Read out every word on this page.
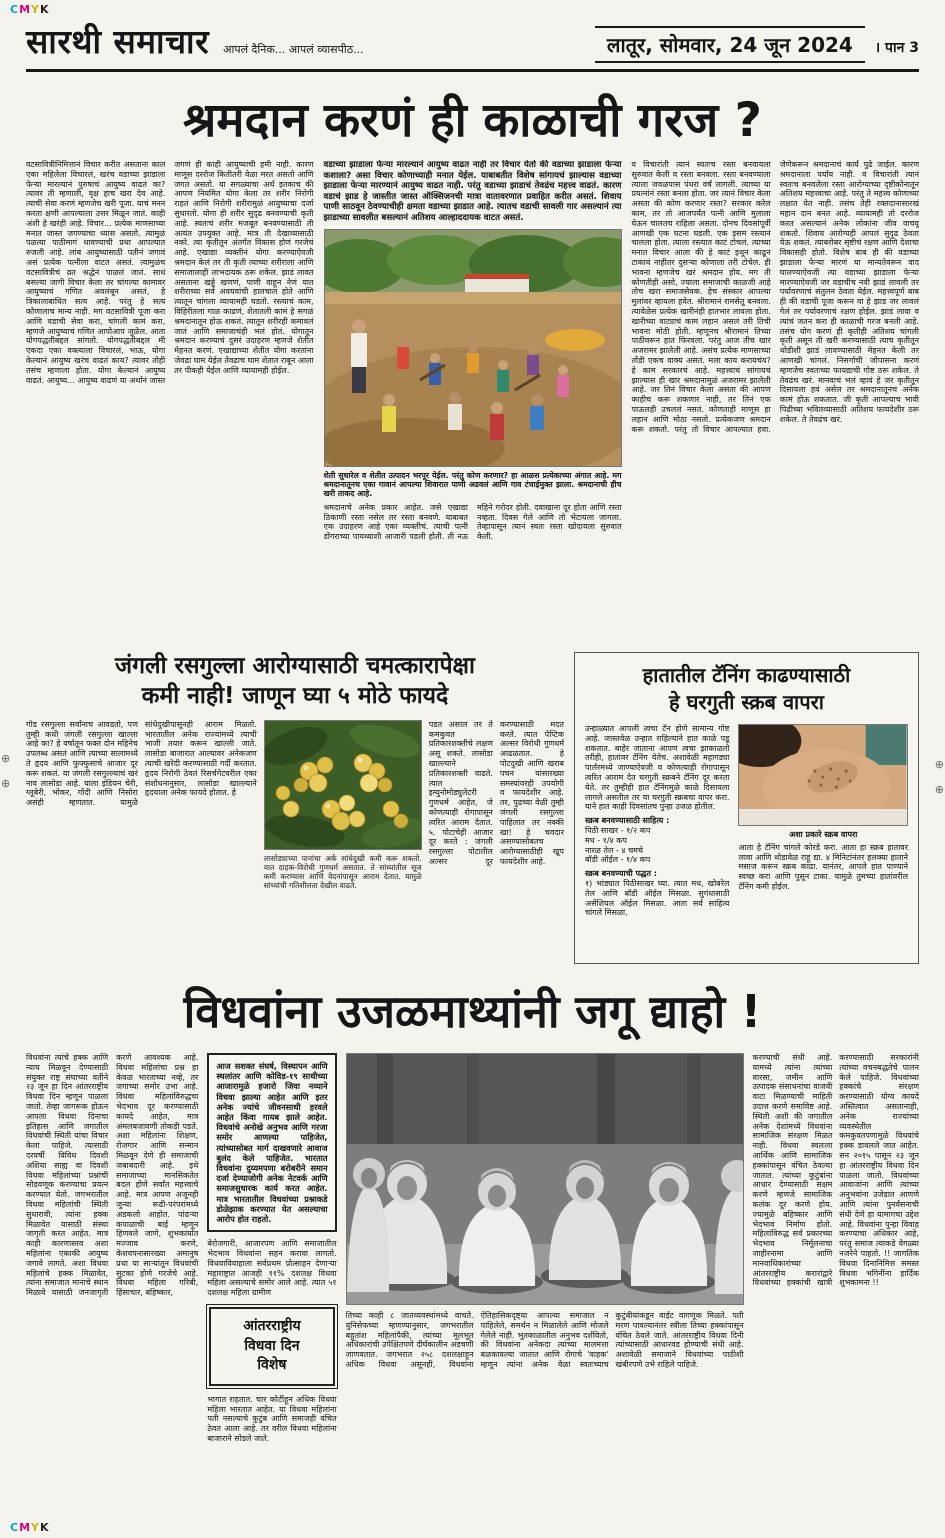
CMYK
⊕
⊕
⊕
⊕
सारथी समाचार आपलं दैनिक... आपलं व्यासपीठ...	लातूर, सोमवार, 24 जून 2024	। पान 3
श्रमदान करणं ही काळाची गरज ?
वटसावित्रीनिमित्तानं विचार करीत असताना काल एका महिलेला विचारलं, खरंच वडाच्या झाडाला फेऱ्या मारल्यानं पुरुषाचं आयुष्य वाढतं का? त्यावर ती म्हणाली, वृक्ष हाच खरा देव आहे. त्याची सेवा करणं म्हणजेच खरी पूजा. याचं मनन करता क्षणी आपल्याला उत्तर मिळून जातं. काही अंशी हे खरंही आहे. विचार... प्रत्येक माणसाच्या मनात जास्त जगण्याचा ध्यास असतो. त्यामुळं पळत्या पाठीमागं धावण्याची प्रथा आपल्यात रुजली आहे. लांब आयुष्यासाठी पतीनं जगावं असं प्रत्येक पत्नीला वाटत असतं. त्यामुळंच वटसावित्रीचं व्रत श्रद्धेनं पाळलं जातं. साधं बसल्या जागी विचार केला तर चांगल्या कामावर आयुष्याचं गणित अवलंबून असतं, हे त्रिकालाबाधित सत्य आहे. परंतु हे सत्य कोणालाच मान्य नाही. मग वटसावित्री पूजा करा आणि वडाची सेवा करा, चांगली कामं करा, म्हणजे आयुष्याचं गणित आपोआप जुळेल. आता योगपद्धतीबद्दल सांगतो. योगपद्धतीबद्दल मी एकदा एका वक्त्याला विचारलं, भाऊ, योगा केल्यानं आयुष्य खरंच वाढतं काय? त्यावर तोही तसंच म्हणाला होता. योगा केल्यानं आयुष्य वाढतं. आयुष्य... आयुष्य वाढणं या अर्थानं जास्त जगणं ही काही आयुष्याची हमी नाही. कारण माणूस दररोज कितीतरी वेळा मरत असतो आणि जगत असतो. या सगळ्याचा अर्थ इतकाच की आपण नियमित योगा केला तर शरीर निरोगी राहतं आणि निरोगी शरीरामुळं आयुष्याचा दर्जा सुधारतो. योगा ही शरीर सुदृढ बनवण्याची कृती आहे. स्वतःचं शरीर मजबूत बनवण्यासाठी ती अत्यंत उपयुक्त आहे. मात्र ती देखाव्यासाठी नको. त्या कृतीतून अंतर्गत विकास होणं गरजेचं आहे. एखाद्या व्यक्तीनं योगा करण्याऐवजी श्रमदान केलं तर ती कृती त्याच्या शरीराला आणि समाजालाही लाभदायक ठरू शकेल. झाडं लावत असताना खड्डे खणणं, पाणी वाहून नेणं यात शरीराच्या सर्व अवयवांची हालचाल होते आणि त्यातून चांगला व्यायामही घडतो. रस्त्याचं काम, विहिरीतला गाळ काढणं, शेतातली कामं हे सगळं श्रमदानातून होऊ शकतं. त्यातून शरीरही कमावलं जातं आणि समाजाचंही भलं होतं. योगातून श्रमदान करण्याचं दुसरं उदाहरण म्हणजे शेतीत मेहनत करणं. एखाद्याच्या शेतीत योगा करतांना जेवढा घाम येईल तेवढाच घाम शेतात राबून आला तर पीकही येईल आणि व्यायामही होईल.

वडाच्या झाडाला फेऱ्या मारल्यानं आयुष्य वाढत नाही तर विचार येतो की वडाच्या झाडाला फेऱ्या कशाला? असा विचार कोणाच्याही मनात येईल. याबाबतीत विशेष सांगायचं झाल्यास वडाच्या झाडाला फेऱ्या मारण्यानं आयुष्य वाढत नाही. परंतु वडाच्या झाडाचं तेवढंच महत्त्व वाढतं. कारण वडाचं झाड हे जास्तीत जास्त ऑक्सिजनची मात्रा वातावरणात प्रवाहित करीत असतं. शिवाय पाणी साठवून ठेवण्याचीही क्षमता वडाच्या झाडात आहे. त्यातच वडाची सावली गार असल्यानं त्या झाडाच्या सावलीत बसल्यानं अतिशय आल्हाददायक वाटत असतं.

शेती सुधारेल व शेतीत उत्पादन भरपूर येईल. परंतु कोण करणार? हा आळस प्रत्येकाच्या अंगात आहे. मग श्रमदानातूनच एका गावानं आपल्या शिवारात पाणी अडवलं आणि गाव टंचाईमुक्त झाला. श्रमदानाची हीच खरी ताकद आहे.
श्रमदानाचे अनेक प्रकार आहेत. जसे एखाद्या ठिकाणी रस्ता नसेल तर रस्ता बनवणे. याबाबत एक उदाहरण आहे एका व्यक्तीचं. त्याची पत्नी डोंगराच्या पायथ्याशी आजारी पडली होती. ती नऊ महिने गरोदर होती. दवाखाना दूर होता आणि रस्ता नव्हता. दिवस गेले आणि तो भेटायला जागला. तेव्हापासून त्यानं स्वतः रस्ता खोदायला सुरुवात केली.
व विचारांती त्यानं स्वतःच रस्ता बनवायला सुरुवात केली व रस्ता बनवला. रस्ता बनवण्याला त्याला जवळपास पंधरा वर्षं लागली. त्याच्या या प्रयत्नांनं रस्ता बनला होता. जर त्यानं विचार केला असता की कोण करणार रस्ता? सरकार करेल काम, तर तो आजपर्यंत पत्नी आणि मुलाला घेऊन चालतच राहिला असता. दोनच दिवसांपूर्वी आणखी एक घटना घडली. एक इसम रस्त्यानं चालला होता. त्याला रस्त्यात काटं टोचलं. त्याच्या मनात विचार आला की हे काटं इथून काढून टाकावं नाहीतर दुसऱ्या कोणाला तरी टोचेल. ही भावना म्हणजेच खरं श्रमदान होय. मग ती कोणतीही असो, ज्याला समाजाची काळजी आहे तोच खरा समाजसेवक. हेच संस्कार आपल्या मुलांवर व्हायला हवेत. श्रीरामानं रामसेतू बनवला. त्यावेळेस प्रत्येक खारीनंही हातभार लावला होता. खारीच्या वाट्याचं काम लहान असलं तरी तिची भावना मोठी होती. म्हणूनच श्रीरामानं तिच्या पाठीवरून हात फिरवला. परंतु आज तीच खार अजरामर झालेली आहे. असंच प्रत्येक माणसाच्या तोंडी एकच वाक्य असतं. मला काय करायचंय? हे काम सरकारचं आहे. महत्त्वाचं सांगायचं झाल्यास ही खार श्रमदानामुळं अजरामर झालेली आहे. जर तिनं विचार केला असता की आपण काहीच करू शकणार नाही, तर तिनं एक पाऊलही उचललं नसतं. कोणताही माणूस हा लहान आणि मोठा नसतो. प्रत्येकजण श्रमदान करू शकतो. परंतु तो विचार आपल्यात हवा. जेणेकरून श्रमदानाचं कार्य पुढे जाईल. कारण श्रमदानाला पर्याय नाही. व विचारांती त्यानं स्वतःच बनवलेला रस्ता आरोग्याच्या दृष्टीकोनातून अतिशय महत्त्वाचा आहे. परंतु ते महत्त्व कोणाच्या लक्षात येत नाही. तसंच तेही रक्तदानासारखं महान दान बनत आहे. व्यायामही तो दररोज करत असल्यानं अनेक लोकांना जीव वाचवू शकतो. शिवाय आरोग्यही आपलं सुदृढ ठेवता येऊ शकतं. त्याबरोबर सृष्टीचं रक्षण आणि देशाचा विकासही होतो. विशेष बाब ही की वडाच्या झाडाला फेऱ्या मारणं या मान्यतेवरून वाद घालण्याऐवजी त्या वडाच्या झाडाला फेऱ्या मारण्याऐवजी जर वडाचीच नवी झाडं लावली तर पर्यावरणाचं संतुलन ठेवता येईल. महत्त्वपूर्ण बाब ही की वडाची पूजा करून वा हे झाड जर लावलं गेलं तर पर्यावरणाचं रक्षण होईल. झाडं लावा व त्यांचं जतन करा ही काळाची गरज बनली आहे. तसंच योग करणं ही कृतीही अतिशय चांगली कृती असून ती खरी करण्यासाठी त्याच कृतीतून थोडीशी झाडं लावण्यासाठी मेहनत केली तर आणखी चांगलं. निसर्गाची जोपासना करणं म्हणजेच स्वतःच्या फायद्याची गोष्ट ठरू शकेल. ते तेवढंच खरं. मानवाचं भलं व्हावं हे जर कृतीतून दिसायला हवं असेल तर श्रमदानातूनच अनेक कामं होऊ शकतात. जी कृती आपल्याच भावी पिढीच्या भवितव्यासाठी अतिशय फायदेशीर ठरू शकेल. ते तेवढंच खरं.
जंगली रसगुल्ला आरोग्यासाठी चमत्कारापेक्षा
कमी नाही! जाणून घ्या ५ मोठे फायदे
गोड रसगुल्ला सर्वांनाच आवडतो, पण तुम्ही कधी जंगली रसगुल्ला खाल्ला आहे का? हे वर्षातून फक्त दोन महिनेच उपलब्ध असतं आणि त्याच्या सालामध्ये ते हृदय आणि फुफ्फुसाचे आजार दूर करू शकतं. या जंगली रसगुल्ल्याचं खरं नाव लासोडा आहे. याला इंडियन चेरी, ग्लूबेरी, भोकर, गोंदी आणि निसोरा असंही म्हणतात. यामुळे सांधेदुखीपासूनही आराम मिळतो. भारतातील अनेक राज्यांमध्ये त्याची भाजी तयार करून खाल्ली जाते. लासोडा बाजारात आल्यावर अनेकजण त्याची खरेदी करण्यासाठी गर्दी करतात. हृदय निरोगी ठेवतं रिसर्चगेटवरील एका संशोधनानुसार, लासोडा खाल्ल्याने हृदयाला अनेक फायदे होतात. हे
लासोड्याच्या पानांचा अर्क सांधेदुखी कमी करू शकतो. यात दाहक-विरोधी गुणधर्म असतात. ते सांध्यांतील सूज कमी करण्यास आणि वेदनांपासून आराम देतात. यामुळे सांध्यांची गतिशीलता देखील वाढते.
पडत असाल तर ते कमकुवत प्रतिकारशक्तीचे लक्षण असू शकते. लासोडा खाल्ल्याने प्रतिकारशक्ती वाढते. त्यात इम्युनोमोड्युलेटरी गुणधर्म आहेत, जे कोणत्याही रोगापासून त्वरित आराम देतात. ५. पोटाचेही आजार दूर करते : जंगली रसगुल्ला पोटातील अल्सर दूर करण्यासाठी मदत करते. त्यात पेप्टिक अल्सर विरोधी गुणधर्म आढळतात. हे पोटदुखी आणि खराब पचन यांसारख्या समस्यांवरही उपयोगी व फायदेशीर आहे. तर, पुढच्या वेळी तुम्ही जंगली रसगुल्ला पाहिलात तर नक्की खा! हे चवदार असण्यासोबतच आरोग्यासाठीही खूप फायदेशीर आहे.
हातातील टॅनिंग काढण्यासाठी
हे घरगुती स्क्रब वापरा
उन्हाळ्यात आपली त्वचा टॅन होणे सामान्य गोष्ट आहे. जास्तवेळ उन्हात राहिल्याने हात काळे पडू शकतात. बाहेर जाताना आपण त्वचा झाकाळतो तरीही, हातांवर टॅनिंग येतेच. अशावेळी महागड्या पार्लरमध्ये जाण्याऐवजी व कोणत्याही रोगापासून त्वरित आराम देत घरगुती स्क्रबने टॅनिंग दूर करता येते. तर तुम्हीही हात टॅनिंगमुळे काळे दिसायला लागले असतील तर या घरगुती स्क्रबचा वापर करा. याने हात काही दिवसांतच पुन्हा उजळ होतील.
स्क्रब बनवण्यासाठी साहित्य :
पिठी साखर - १/२ कप
मध - १/४ कप
नारळ तेल - ४ चमचे
बॉडी ऑईल - १/४ कप
स्क्रब बनवण्याची पद्धत :
१) भांड्यात पिठीसाखर घ्या. त्यात मध, खोबरेल तेल आणि बॉडी ऑईल मिसळा. सुगंधासाठी असेंशियल ऑईल मिसळा. आता सर्व साहित्य चांगले मिसळा.
अशा प्रकारे स्क्रब वापरा
आता हे टॅनिंग चांगले कोरडे करा. आता हा स्क्रब हातावर लावा आणि थोडावेळ राहू द्या. ४ मिनिटांनंतर हलक्या हाताने मसाज करून स्क्रब काढा. यानंतर, आपले हात पाण्याने स्वच्छ करा आणि पुसून टाका. यामुळे तुमच्या हातांवरील टॅनिंग कमी होईल.
विधवांना उजळमाथ्यांनी जगू द्याहो !
विधवांना त्यांचे हक्क आणि न्याय मिळवून देण्यासाठी संयुक्त राष्ट्र संघाच्या वतीने २३ जून हा दिन आंतरराष्ट्रीय विधवा दिन म्हणून पाळला जातो. तेव्हा जागरूक होऊन आपला विधवा दिनाचा इतिहास आणि जगातील विधवांची स्थिती यांचा विचार केला पाहिजे. त्यासाठी दरवर्षी विविध दिवशी अशिया साह्य वा दिवशी विधवा महिलांच्या प्रश्नांची सोडवणूक करण्याचा प्रयत्न करण्यात येतो. जगभरातील विधवा महिलांची स्थिती सुधारावी, त्यांना हक्क मिळावेत यासाठी संस्था जागृती करत आहेत. मात्र काही कारणास्तव अशा महिलांना एकाकी आयुष्य जगावे लागते. अशा विधवा महिलांचे हक्क मिळावेत, त्यांना समाजात मानाचे स्थान मिळावे यासाठी जनजागृती करणे आवश्यक आहे. विधवा महिलांचा प्रश्न हा केवळ भारताच्या नव्हे, तर जगाच्या समोर उभा आहे. विधवा महिलांविरुद्धचा भेदभाव दूर करण्यासाठी कायदे आहेत, मात्र अंमलबजावणी तोकडी पडते. अशा महिलांना शिक्षण, रोजगार आणि सन्मान मिळवून देणे ही समाजाची जबाबदारी आहे. इथे समाजाच्या मानसिकतेत बदल होणे सर्वांत महत्त्वाचे आहे. मात्र आपण अजूनही जुन्या रूढी-परंपरांमध्ये अडकलो आहोत. पांढऱ्या कपाळाची बाई म्हणून हिणवले जाणे, शुभकार्यात मज्जाव करणे, केशवपनासारख्या अमानुष प्रथा या साऱ्यांतून विधवांची सुटका होणे गरजेचे आहे. विधवा महिला गरिबी, हिंसाचार, बहिष्कार,
आज सशक्त संघर्ष, विस्थापन आणि स्थलांतर आणि कोविड-१९ साथीच्या आजारामुळे हजारो जिवा नव्याने विधवा झाल्या आहेत आणि इतर अनेक ज्यांचे जीवनसाथी हरवले आहेत किंवा गायब झाले आहेत. विधवांचे अनोखे अनुभव आणि गरजा समोर आणल्या पाहिजेत, त्यांच्यासोबत मार्ग दाखवणारे आवाज बुलंद केले पाहिजेत. भारतात विधवांना दुय्यमपणा बरोबरीने समान दर्जा देण्याजोगी अनेक नेटवर्क आणि समाजसुधारक कार्य करत आहेत. मात्र भारतातील विधवांच्या प्रश्नाकडे डोळेझाक करण्यात येत असल्याचा आरोप होत राहतो.
बेरोजगारी, आजारपण आणि समाजातील भेदभाव विधवांना सहन करावा लागतो. विधवाविवाहाला सर्वप्रथम प्रोत्साहन देणाऱ्या महाराष्ट्रात आजही ११% दशलक्ष विधवा महिला असल्याचे समोर आले आहे. त्यात ५१ दशलक्ष महिला ग्रामीण
आंतरराष्ट्रीय
विधवा दिन
विशेष
भागात राहतात. चार कोटींहून अधिक विधवा महिला भारतात आहेत. या विधवा महिलांना पती नसल्याचे कुटुंब आणि समाजही वंचित ठेवत आला आहे. तर वरील विधवा महिलांना बाजाराने सोडले जाते.
तिच्या काही ८ जातव्यवस्थांमध्ये वाचते. युनिसेफच्या म्हणण्यानुसार, जगभरातील बहुतांश महिलांपैकी, त्यांच्या मूलभूत अधिकारांची उपेक्षितपणे दीर्घकालीन अडचणी जाणवतात. जगभरात २५८ दशलक्षाहून अधिक विधवा असूनही, विधवांना ऐतिहासिकदृष्ट्या आपल्या समाजात न पाहिलेले, समर्थन न मिळालेले आणि मोजले गेलेले नाही. भूतकाळातील अनुभव दर्शवितो, की विधवांना अनेकदा त्यांच्या मालमत्ता बळकावल्या जातात आणि रोगाचे 'वाहक' म्हणून त्यांना अनेक वेळा स्वतःच्याच कुटुंबीयांकडून वाईट वागणूक मिळते. पती मरण पावल्यानंतर स्त्रीला तिच्या हक्कांपासून वंचित ठेवले जाते. आंतरराष्ट्रीय विधवा दिनी त्यांच्यासाठी आधारवड होण्याची संधी आहे. अशावेळी समाजाने विधवांच्या पाठीशी खंबीरपणे उभे राहिले पाहिजे.
करण्याची संधी आहे. यामध्ये त्यांना त्यांच्या वारसा, जमीन आणि उत्पादक संसाधनांचा वाजवी वाटा मिळण्याची माहिती उदात्त करणे समाविष्ट आहे. स्थिती अशी की जगातील अनेक देशांमध्ये विधवांना सामाजिक संरक्षण मिळत नाही. विधवा स्वतःला आर्थिक आणि सामाजिक हक्कांपासून वंचित ठेवल्या जातात. त्यांच्या कुटुंबांना आधार देण्यासाठी सक्षम करणे म्हणजे सामाजिक कलंक दूर करणे होय. ज्यामुळे बहिष्कार आणि भेदभाव निर्माण होतो. महिलांविरुद्ध सर्व प्रकारच्या भेदभाव निर्मूलनाचा जाहीरनामा आणि मानवाधिकारांच्या आंतरराष्ट्रीय करारांद्वारे विधवांच्या हक्कांची खात्री करण्यासाठी सरकारांनी त्यांच्या वचनबद्धतेचे पालन केले पाहिजे. विधवांच्या हक्कांचे संरक्षण करण्यासाठी योग्य कायदे अस्तित्वात असतानाही, अनेक राज्यांच्या व्यवस्थेतील कमकुवतपणामुळे विधवांचे हक्क डावलले जात आहेत. सन २०१५ पासून २३ जून हा आंतरराष्ट्रीय विधवा दिन पाळला जातो. विधवांच्या आवाजांना आणि त्यांच्या अनुभवांना उजेडात आणणे आणि त्यांना पुनर्वसनाची संधी देणे हा यामागचा उद्देश आहे. विधवांना पुन्हा विवाह करण्याचा अधिकार आहे, परंतु समाज त्याकडे वेगळ्या नजरेने पाहतो. !! जागतिक विधवा दिनानिमित्त समस्त विधवा भगिनींना हार्दिक शुभकामना !!
CMYK
